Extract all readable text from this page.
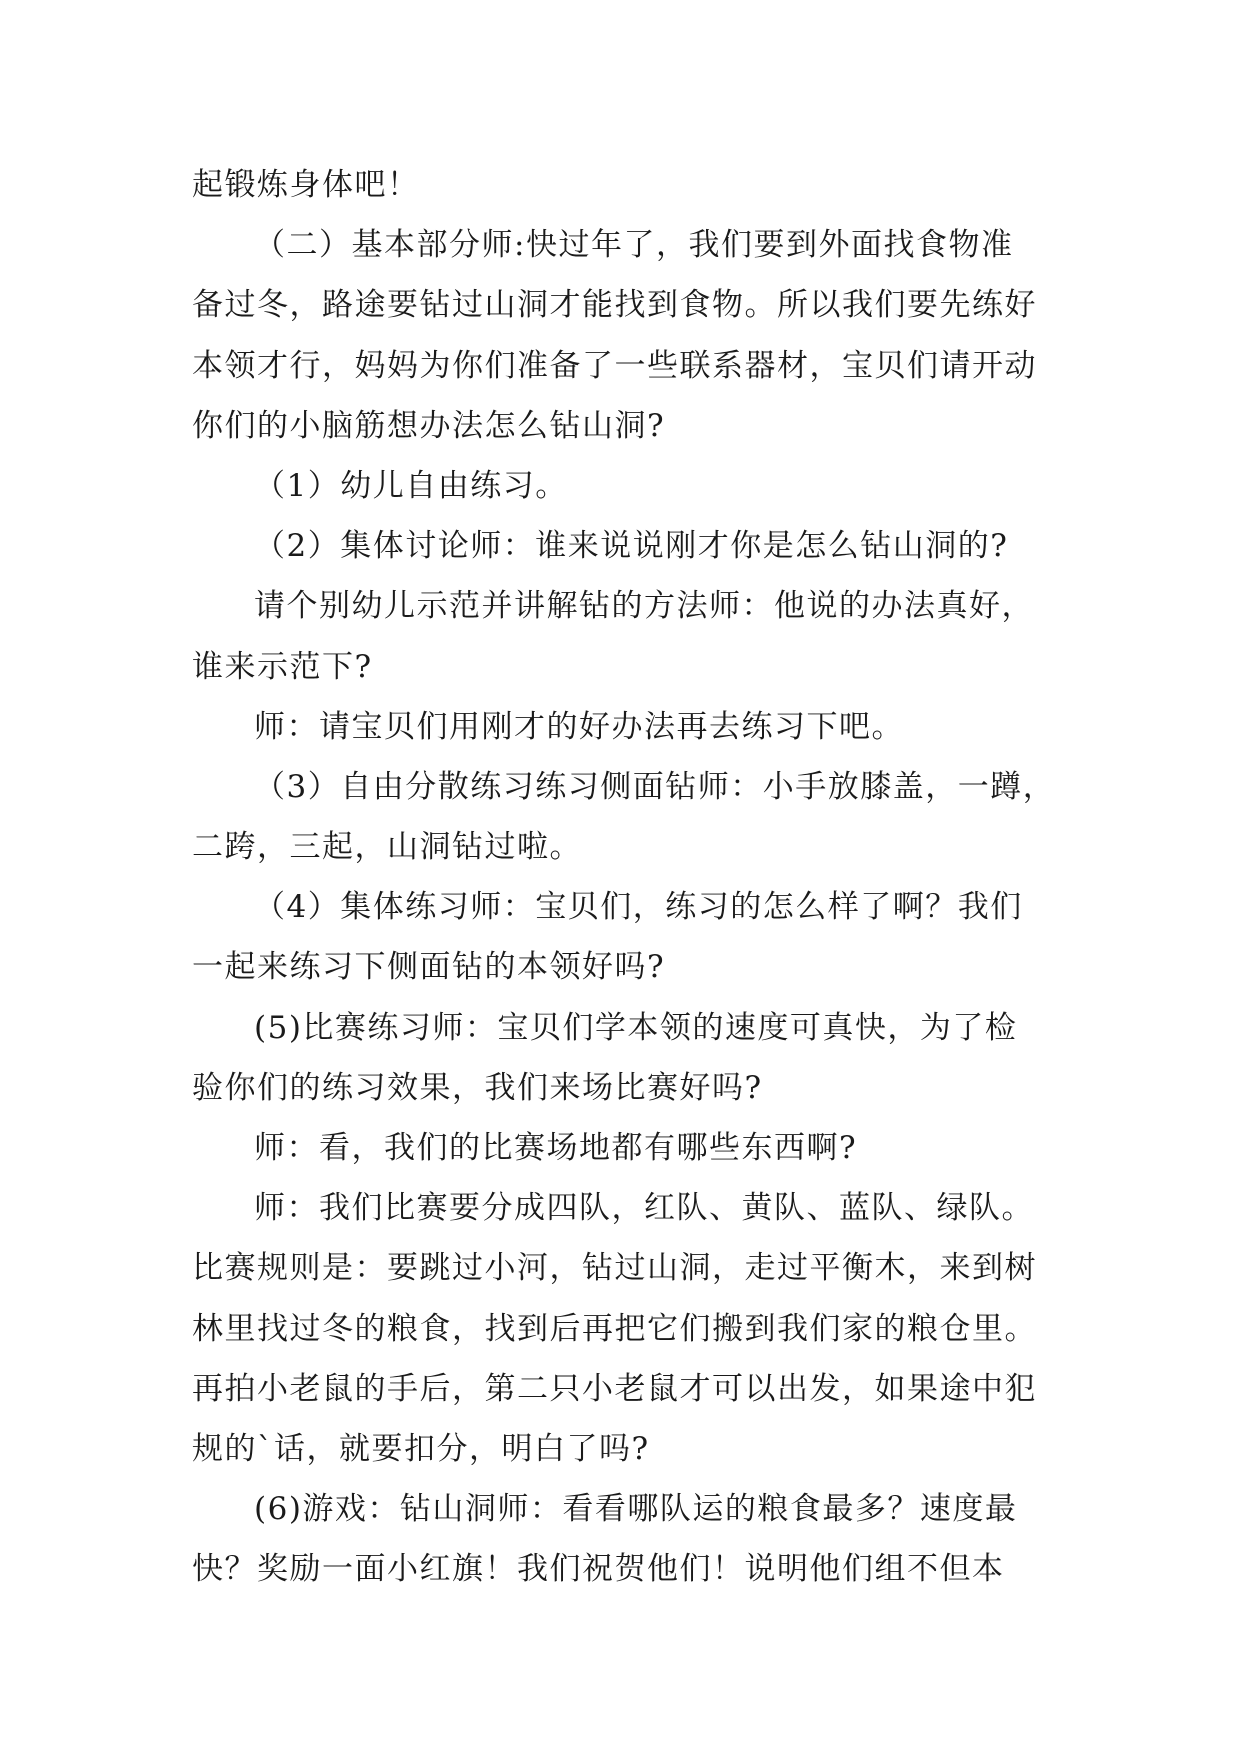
起锻炼身体吧！
（二）基本部分师:快过年了，我们要到外面找食物准
备过冬，路途要钻过山洞才能找到食物。所以我们要先练好
本领才行，妈妈为你们准备了一些联系器材，宝贝们请开动
你们的小脑筋想办法怎么钻山洞?
（1）幼儿自由练习。
（2）集体讨论师：谁来说说刚才你是怎么钻山洞的?
请个别幼儿示范并讲解钻的方法师：他说的办法真好，
谁来示范下?
师：请宝贝们用刚才的好办法再去练习下吧。
（3）自由分散练习练习侧面钻师：小手放膝盖，一蹲，
二跨，三起，山洞钻过啦。
（4）集体练习师：宝贝们，练习的怎么样了啊？我们
一起来练习下侧面钻的本领好吗?
(5)比赛练习师：宝贝们学本领的速度可真快，为了检
验你们的练习效果，我们来场比赛好吗?
师：看，我们的比赛场地都有哪些东西啊?
师：我们比赛要分成四队，红队、黄队、蓝队、绿队。
比赛规则是：要跳过小河，钻过山洞，走过平衡木，来到树
林里找过冬的粮食，找到后再把它们搬到我们家的粮仓里。
再拍小老鼠的手后，第二只小老鼠才可以出发，如果途中犯
规的`话，就要扣分，明白了吗?
(6)游戏：钻山洞师：看看哪队运的粮食最多？速度最
快？奖励一面小红旗！我们祝贺他们！说明他们组不但本
